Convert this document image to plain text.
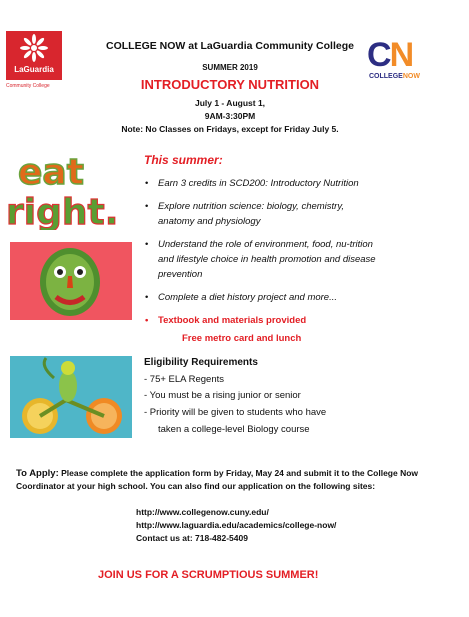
LaGuardia
Community College
CN
COLLEGENOW
COLLEGE NOW at LaGuardia Community College
SUMMER 2019
INTRODUCTORY NUTRITION
July 1 - August 1,
9AM-3:30PM
Note: No Classes on Fridays, except for Friday July 5.
eat
right.
This summer:
• Earn 3 credits in SCD200: Introductory Nutrition
• Explore nutrition science: biology, chemistry, anatomy and physiology
• Understand the role of environment, food, nu-trition and lifestyle choice in health promotion and disease prevention
• Complete a diet history project and more...
• Textbook and materials provided
Free metro card and lunch
Eligibility Requirements
- 75+ ELA Regents
- You must be a rising junior or senior
- Priority will be given to students who have
taken a college-level Biology course
To Apply: Please complete the application form by Friday, May 24 and submit it to the College Now Coordinator at your high school. You can also find our application on the following sites:
http://www.collegenow.cuny.edu/
http://www.laguardia.edu/academics/college-now/
Contact us at: 718-482-5409
JOIN US FOR A SCRUMPTIOUS SUMMER!
